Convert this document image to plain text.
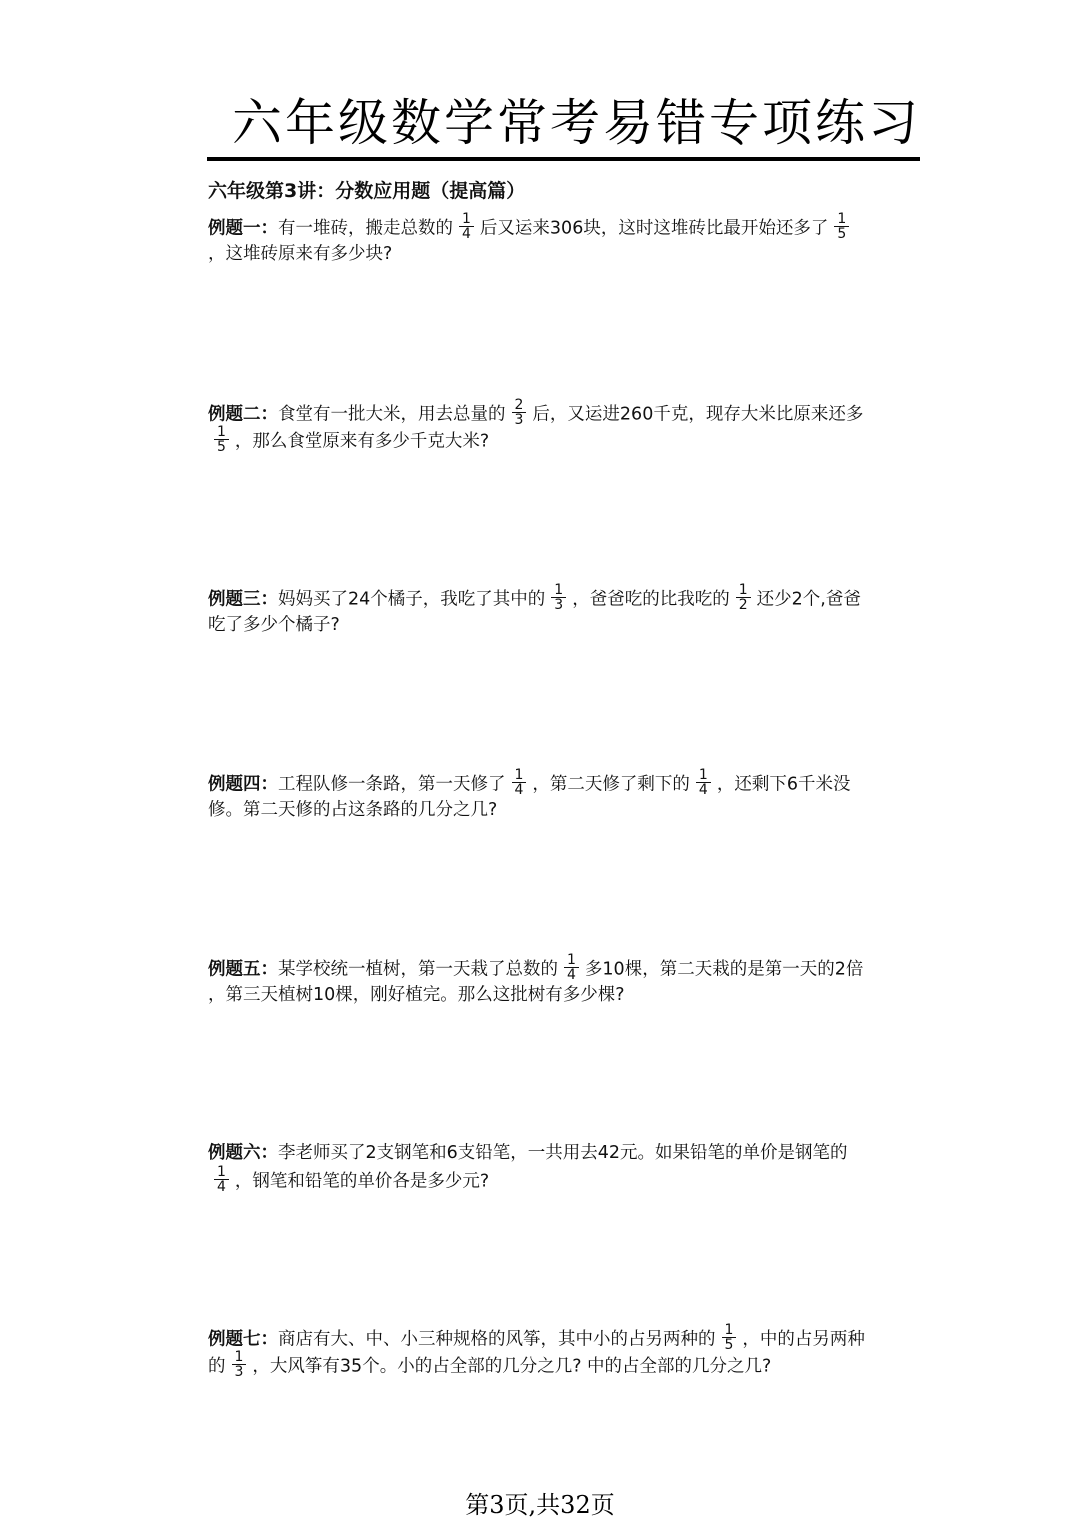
六年级数学常考易错专项练习
六年级第3讲：分数应用题（提高篇）
例题一：有一堆砖，搬走总数的 $\frac{1}{4}$ 后又运来306块，这时这堆砖比最开始还多了 $\frac{1}{5}$
，这堆砖原来有多少块?
例题二：食堂有一批大米，用去总量的 $\frac{2}{3}$ 后，又运进260千克，现存大米比原来还多
$\frac{1}{5}$ ，那么食堂原来有多少千克大米?
例题三：妈妈买了24个橘子，我吃了其中的 $\frac{1}{3}$ ，爸爸吃的比我吃的 $\frac{1}{2}$ 还少2个,爸爸
吃了多少个橘子?
例题四：工程队修一条路，第一天修了 $\frac{1}{4}$ ，第二天修了剩下的 $\frac{1}{4}$ ，还剩下6千米没
修。第二天修的占这条路的几分之几?
例题五：某学校统一植树，第一天栽了总数的 $\frac{1}{4}$ 多10棵，第二天栽的是第一天的2倍
，第三天植树10棵，刚好植完。那么这批树有多少棵?
例题六：李老师买了2支钢笔和6支铅笔，一共用去42元。如果铅笔的单价是钢笔的
$\frac{1}{4}$ ，钢笔和铅笔的单价各是多少元?
例题七：商店有大、中、小三种规格的风筝，其中小的占另两种的 $\frac{1}{5}$ ，中的占另两种
的 $\frac{1}{3}$ ，大风筝有35个。小的占全部的几分之几? 中的占全部的几分之几?
第3页,共32页
